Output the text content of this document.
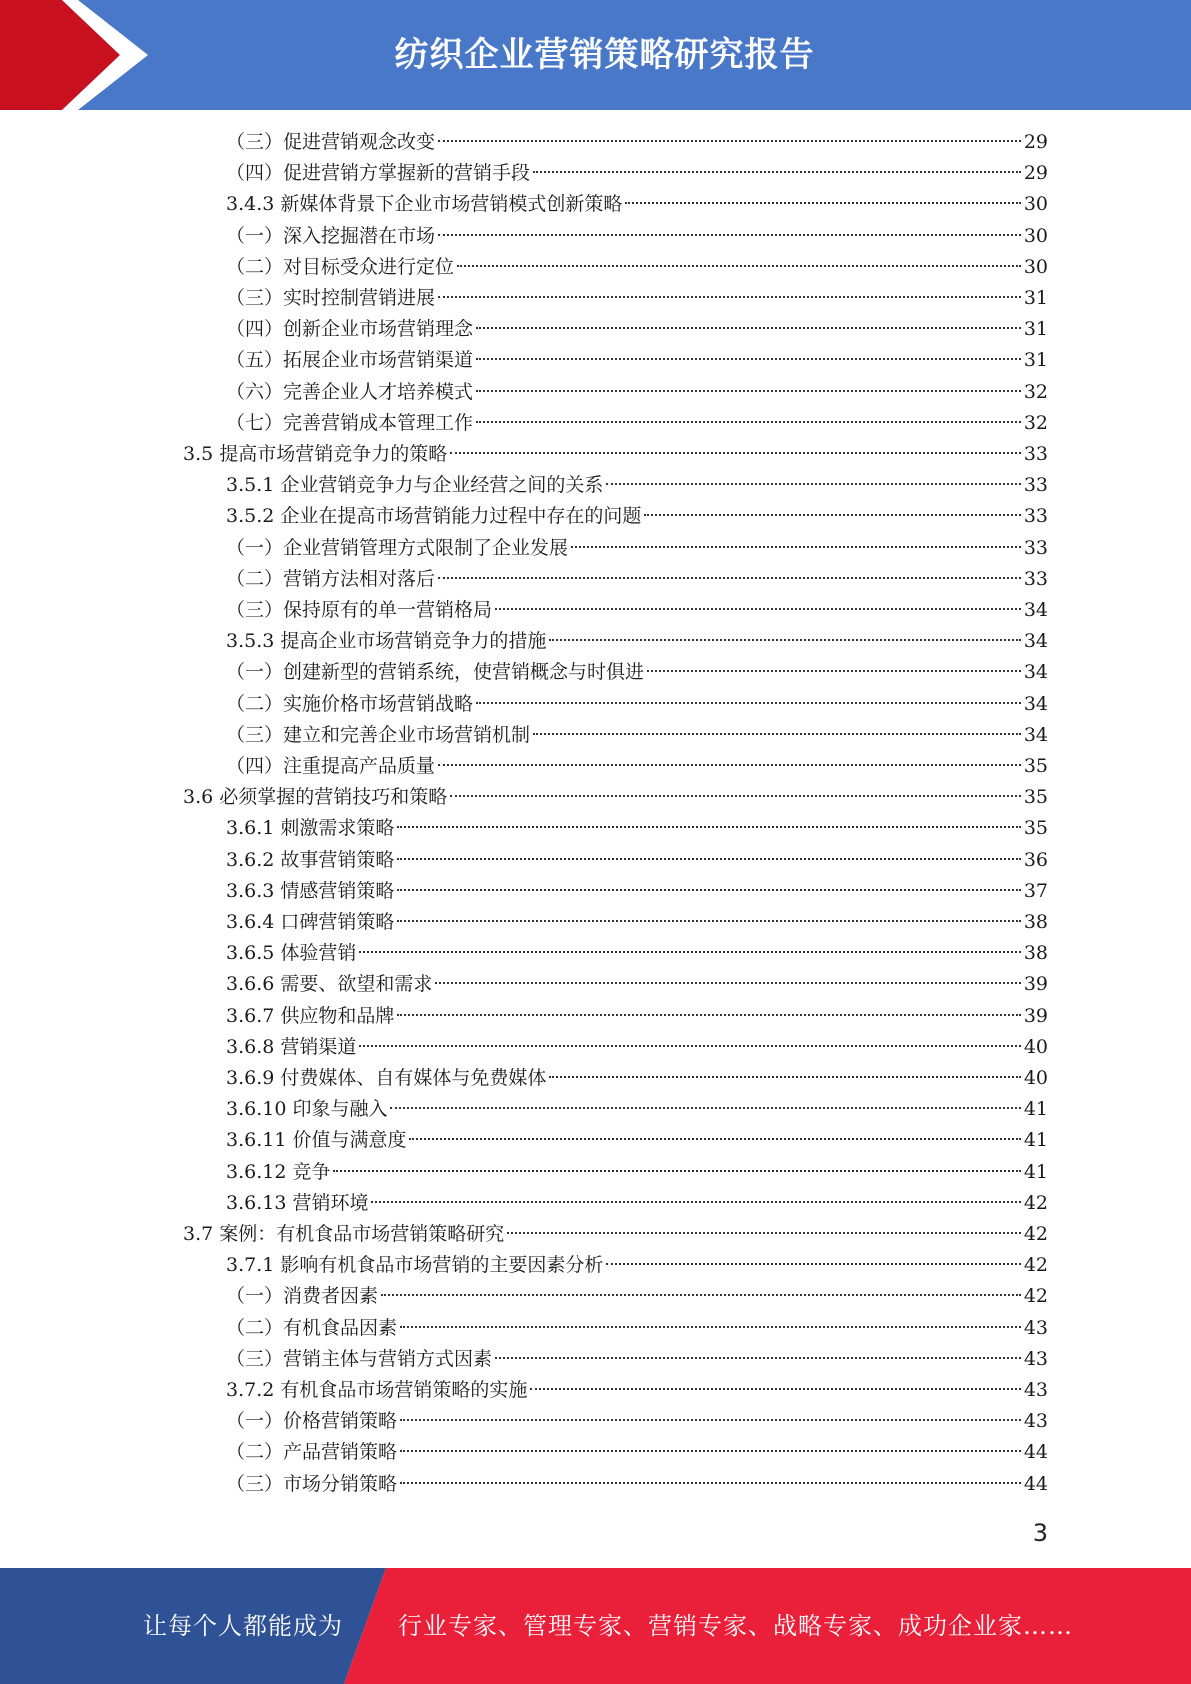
纺织企业营销策略研究报告
（三）促进营销观念改变	29
（四）促进营销方掌握新的营销手段	29
3.4.3 新媒体背景下企业市场营销模式创新策略	30
（一）深入挖掘潜在市场	30
（二）对目标受众进行定位	30
（三）实时控制营销进展	31
（四）创新企业市场营销理念	31
（五）拓展企业市场营销渠道	31
（六）完善企业人才培养模式	32
（七）完善营销成本管理工作	32
3.5 提高市场营销竞争力的策略	33
3.5.1 企业营销竞争力与企业经营之间的关系	33
3.5.2 企业在提高市场营销能力过程中存在的问题	33
（一）企业营销管理方式限制了企业发展	33
（二）营销方法相对落后	33
（三）保持原有的单一营销格局	34
3.5.3 提高企业市场营销竞争力的措施	34
（一）创建新型的营销系统，使营销概念与时俱进	34
（二）实施价格市场营销战略	34
（三）建立和完善企业市场营销机制	34
（四）注重提高产品质量	35
3.6 必须掌握的营销技巧和策略	35
3.6.1 刺激需求策略	35
3.6.2 故事营销策略	36
3.6.3 情感营销策略	37
3.6.4 口碑营销策略	38
3.6.5 体验营销	38
3.6.6 需要、欲望和需求	39
3.6.7 供应物和品牌	39
3.6.8 营销渠道	40
3.6.9 付费媒体、自有媒体与免费媒体	40
3.6.10 印象与融入	41
3.6.11 价值与满意度	41
3.6.12 竞争	41
3.6.13 营销环境	42
3.7 案例：有机食品市场营销策略研究	42
3.7.1 影响有机食品市场营销的主要因素分析	42
（一）消费者因素	42
（二）有机食品因素	43
（三）营销主体与营销方式因素	43
3.7.2 有机食品市场营销策略的实施	43
（一）价格营销策略	43
（二）产品营销策略	44
（三）市场分销策略	44
3
让每个人都能成为 行业专家、管理专家、营销专家、战略专家、成功企业家……
